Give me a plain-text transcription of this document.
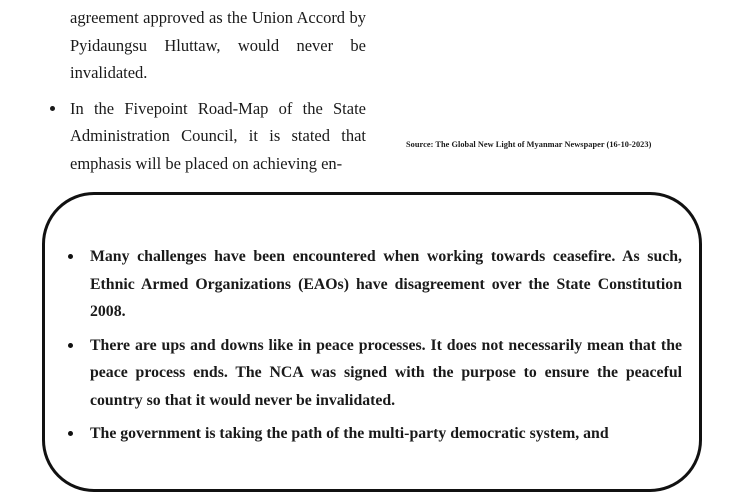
agreement approved as the Union Accord by Pyidaungsu Hluttaw, would never be invalidated.

In the Fivepoint Road-Map of the State Administration Council, it is stated that emphasis will be placed on achieving en-
Source: The Global New Light of Myanmar Newspaper (16-10-2023)
Many challenges have been encountered when working towards ceasefire. As such, Ethnic Armed Organizations (EAOs) have disagreement over the State Constitution 2008.
There are ups and downs like in peace processes. It does not necessarily mean that the peace process ends. The NCA was signed with the purpose to ensure the peaceful country so that it would never be invalidated.
The government is taking the path of the multi-party democratic system, and
